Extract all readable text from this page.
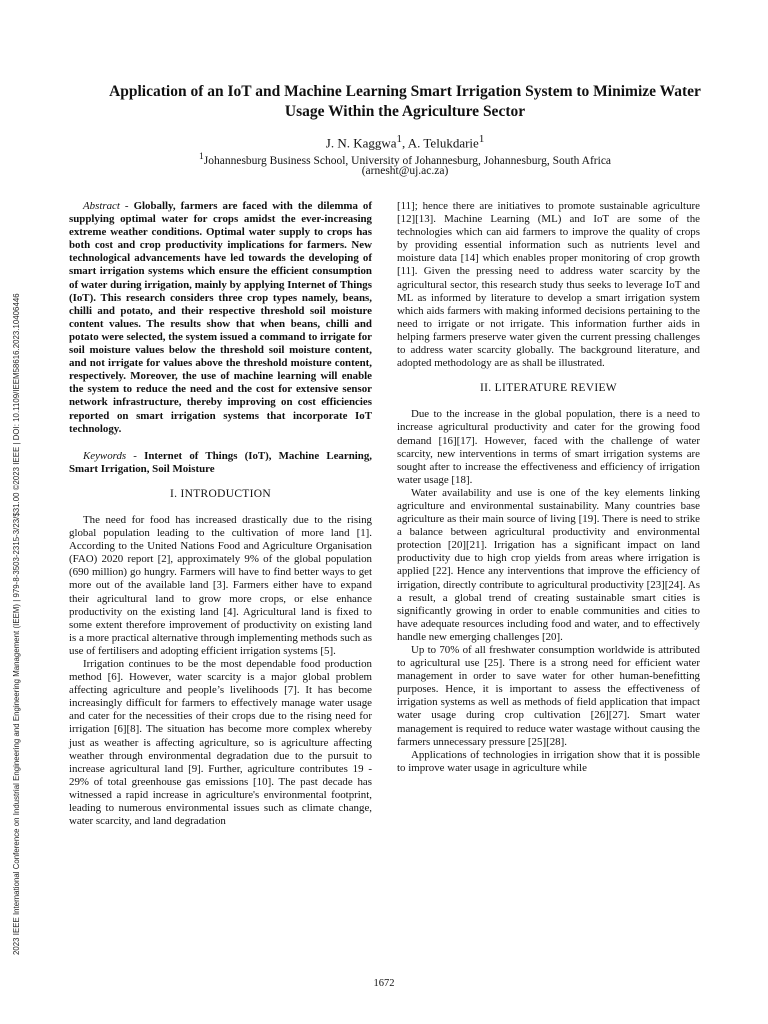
Application of an IoT and Machine Learning Smart Irrigation System to Minimize Water Usage Within the Agriculture Sector
J. N. Kaggwa$^1$, A. Telukdarie$^1$
$^1$Johannesburg Business School, University of Johannesburg, Johannesburg, South Africa
(arnesht@uj.ac.za)
2023 IEEE International Conference on Industrial Engineering and Engineering Management (IEEM) | 979-8-3503-2315-3/23/$31.00 ©2023 IEEE | DOI: 10.1109/IEEM58616.2023.10406446

Abstract - Globally, farmers are faced with the dilemma of supplying optimal water for crops amidst the ever-increasing extreme weather conditions. Optimal water supply to crops has both cost and crop productivity implications for farmers. New technological advancements have led towards the developing of smart irrigation systems which ensure the efficient consumption of water during irrigation, mainly by applying Internet of Things (IoT). This research considers three crop types namely, beans, chilli and potato, and their respective threshold soil moisture content values. The results show that when beans, chilli and potato were selected, the system issued a command to irrigate for soil moisture values below the threshold soil moisture content, and not irrigate for values above the threshold moisture content, respectively. Moreover, the use of machine learning will enable the system to reduce the need and the cost for extensive sensor network infrastructure, thereby improving on cost efficiencies reported on smart irrigation systems that incorporate IoT technology.

Keywords - Internet of Things (IoT), Machine Learning, Smart Irrigation, Soil Moisture

I. INTRODUCTION

The need for food has increased drastically due to the rising global population leading to the cultivation of more land [1]. According to the United Nations Food and Agriculture Organisation (FAO) 2020 report [2], approximately 9% of the global population (690 million) go hungry. Farmers will have to find better ways to get more out of the available land [3]. Farmers either have to expand their agricultural land to grow more crops, or else enhance productivity on the existing land [4]. Agricultural land is fixed to some extent therefore improvement of productivity on existing land is a more practical alternative through implementing methods such as use of fertilisers and adopting efficient irrigation systems [5].

Irrigation continues to be the most dependable food production method [6]. However, water scarcity is a major global problem affecting agriculture and people’s livelihoods [7]. It has become increasingly difficult for farmers to effectively manage water usage and cater for the necessities of their crops due to the rising need for irrigation [6][8]. The situation has become more complex whereby just as weather is affecting agriculture, so is agriculture affecting weather through environmental degradation due to the pursuit to increase agricultural land [9]. Further, agriculture contributes 19 - 29% of total greenhouse gas emissions [10]. The past decade has witnessed a rapid increase in agriculture's environmental footprint, leading to numerous environmental issues such as climate change, water scarcity, and land degradation

[11]; hence there are initiatives to promote sustainable agriculture [12][13]. Machine Learning (ML) and IoT are some of the technologies which can aid farmers to improve the quality of crops by providing essential information such as nutrients level and moisture data [14] which enables proper monitoring of crop growth [11]. Given the pressing need to address water scarcity by the agricultural sector, this research study thus seeks to leverage IoT and ML as informed by literature to develop a smart irrigation system which aids farmers with making informed decisions pertaining to the need to irrigate or not irrigate. This information further aids in helping farmers preserve water given the current pressing challenges to address water scarcity globally. The background literature, and adopted methodology are as shall be illustrated.

II. LITERATURE REVIEW

Due to the increase in the global population, there is a need to increase agricultural productivity and cater for the growing food demand [16][17]. However, faced with the challenge of water scarcity, new interventions in terms of smart irrigation systems are sought after to increase the effectiveness and efficiency of irrigation water usage [18].

Water availability and use is one of the key elements linking agriculture and environmental sustainability. Many countries base agriculture as their main source of living [19]. There is need to strike a balance between agricultural productivity and environmental protection [20][21]. Irrigation has a significant impact on land productivity due to high crop yields from areas where irrigation is applied [22]. Hence any interventions that improve the efficiency of irrigation, directly contribute to agricultural productivity [23][24]. As a result, a global trend of creating sustainable smart cities is significantly growing in order to enable communities and cities to have adequate resources including food and water, and to effectively handle new emerging challenges [20].

Up to 70% of all freshwater consumption worldwide is attributed to agricultural use [25]. There is a strong need for efficient water management in order to save water for other human-benefitting purposes. Hence, it is important to assess the effectiveness of irrigation systems as well as methods of field application that impact water usage during crop cultivation [26][27]. Smart water management is required to reduce water wastage without causing the farmers unnecessary pressure [25][28].

Applications of technologies in irrigation show that it is possible to improve water usage in agriculture while

1672
